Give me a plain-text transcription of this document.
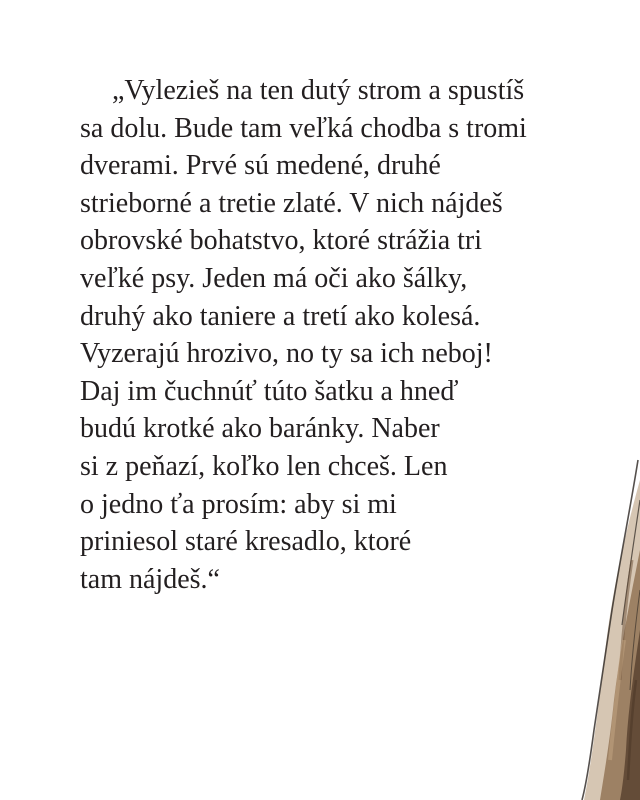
„Vylezieš na ten dutý strom a spustíš
sa dolu. Bude tam veľká chodba s tromi
dverami. Prvé sú medené, druhé
strieborné a tretie zlaté. V nich nájdeš
obrovské bohatstvo, ktoré strážia tri
veľké psy. Jeden má oči ako šálky,
druhý ako taniere a tretí ako kolesá.
Vyzerajú hrozivo, no ty sa ich neboj!
Daj im čuchnúť túto šatku a hneď
budú krotké ako baránky. Naber
si z peňazí, koľko len chceš. Len
o jedno ťa prosím: aby si mi
priniesol staré kresadlo, ktoré
tam nájdeš.“
